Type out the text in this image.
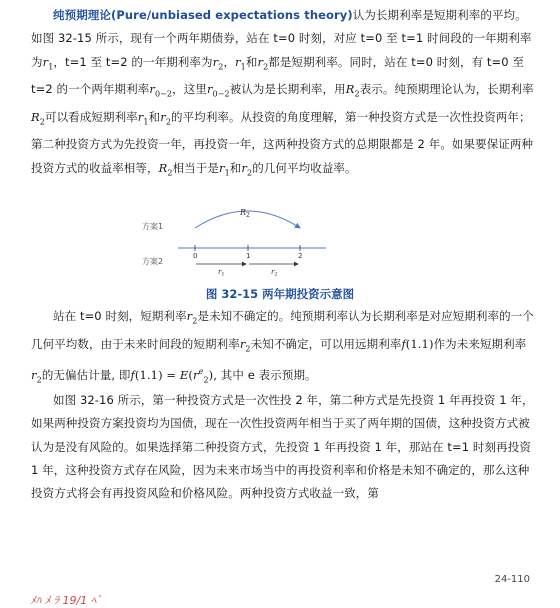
纯预期理论(Pure/unbiased expectations theory)认为长期利率是短期利率的平均。如图 32-15 所示，现有一个两年期债券，站在 t=0 时刻，对应 t=0 至 t=1 时间段的一年期利率为$r_1$，t=1 至 t=2 的一年期利率为$r_2$，$r_1$和$r_2$都是短期利率。同时，站在 t=0 时刻，有 t=0 至 t=2 的一个两年期利率$r_{0-2}$，这里$r_{0-2}$被认为是长期利率，用$R_2$表示。纯预期理论认为，长期利率$R_2$可以看成短期利率$r_1$和$r_2$的平均利率。从投资的角度理解，第一种投资方式是一次性投资两年；第二种投资方式为先投资一年，再投资一年，这两种投资方式的总期限都是 2 年。如果要保证两种投资方式的收益率相等，$R_2$相当于是$r_1$和$r_2$的几何平均收益率。
方案1
方案2
$R_2$
0	1	2
$r_1$	$r_2$
图 32-15 两年期投资示意图
站在 t=0 时刻，短期利率$r_2$是未知不确定的。纯预期利率认为长期利率是对应短期利率的一个几何平均数，由于未来时间段的短期利率$r_2$未知不确定，可以用远期利率f(1.1)作为未来短期利率$r_2$的无偏估计量, 即$f(1.1) = E(r^e_2)$, 其中 e 表示预期。
如图 32-16 所示，第一种投资方式是一次性投 2 年，第二种方式是先投资 1 年再投资 1 年，如果两种投资方案投资均为国债，现在一次性投资两年相当于买了两年期的国债，这种投资方式被认为是没有风险的。如果选择第二种投资方式，先投资 1 年再投资 1 年，那站在 t=1 时刻再投资 1 年，这种投资方式存在风险，因为未来市场当中的再投资利率和价格是未知不确定的，那么这种投资方式将会有再投资风险和价格风险。两种投资方式收益一致，第
24-110
ﾒﾊ ﾒ ﾗ 19/1 ﾍﾟ
